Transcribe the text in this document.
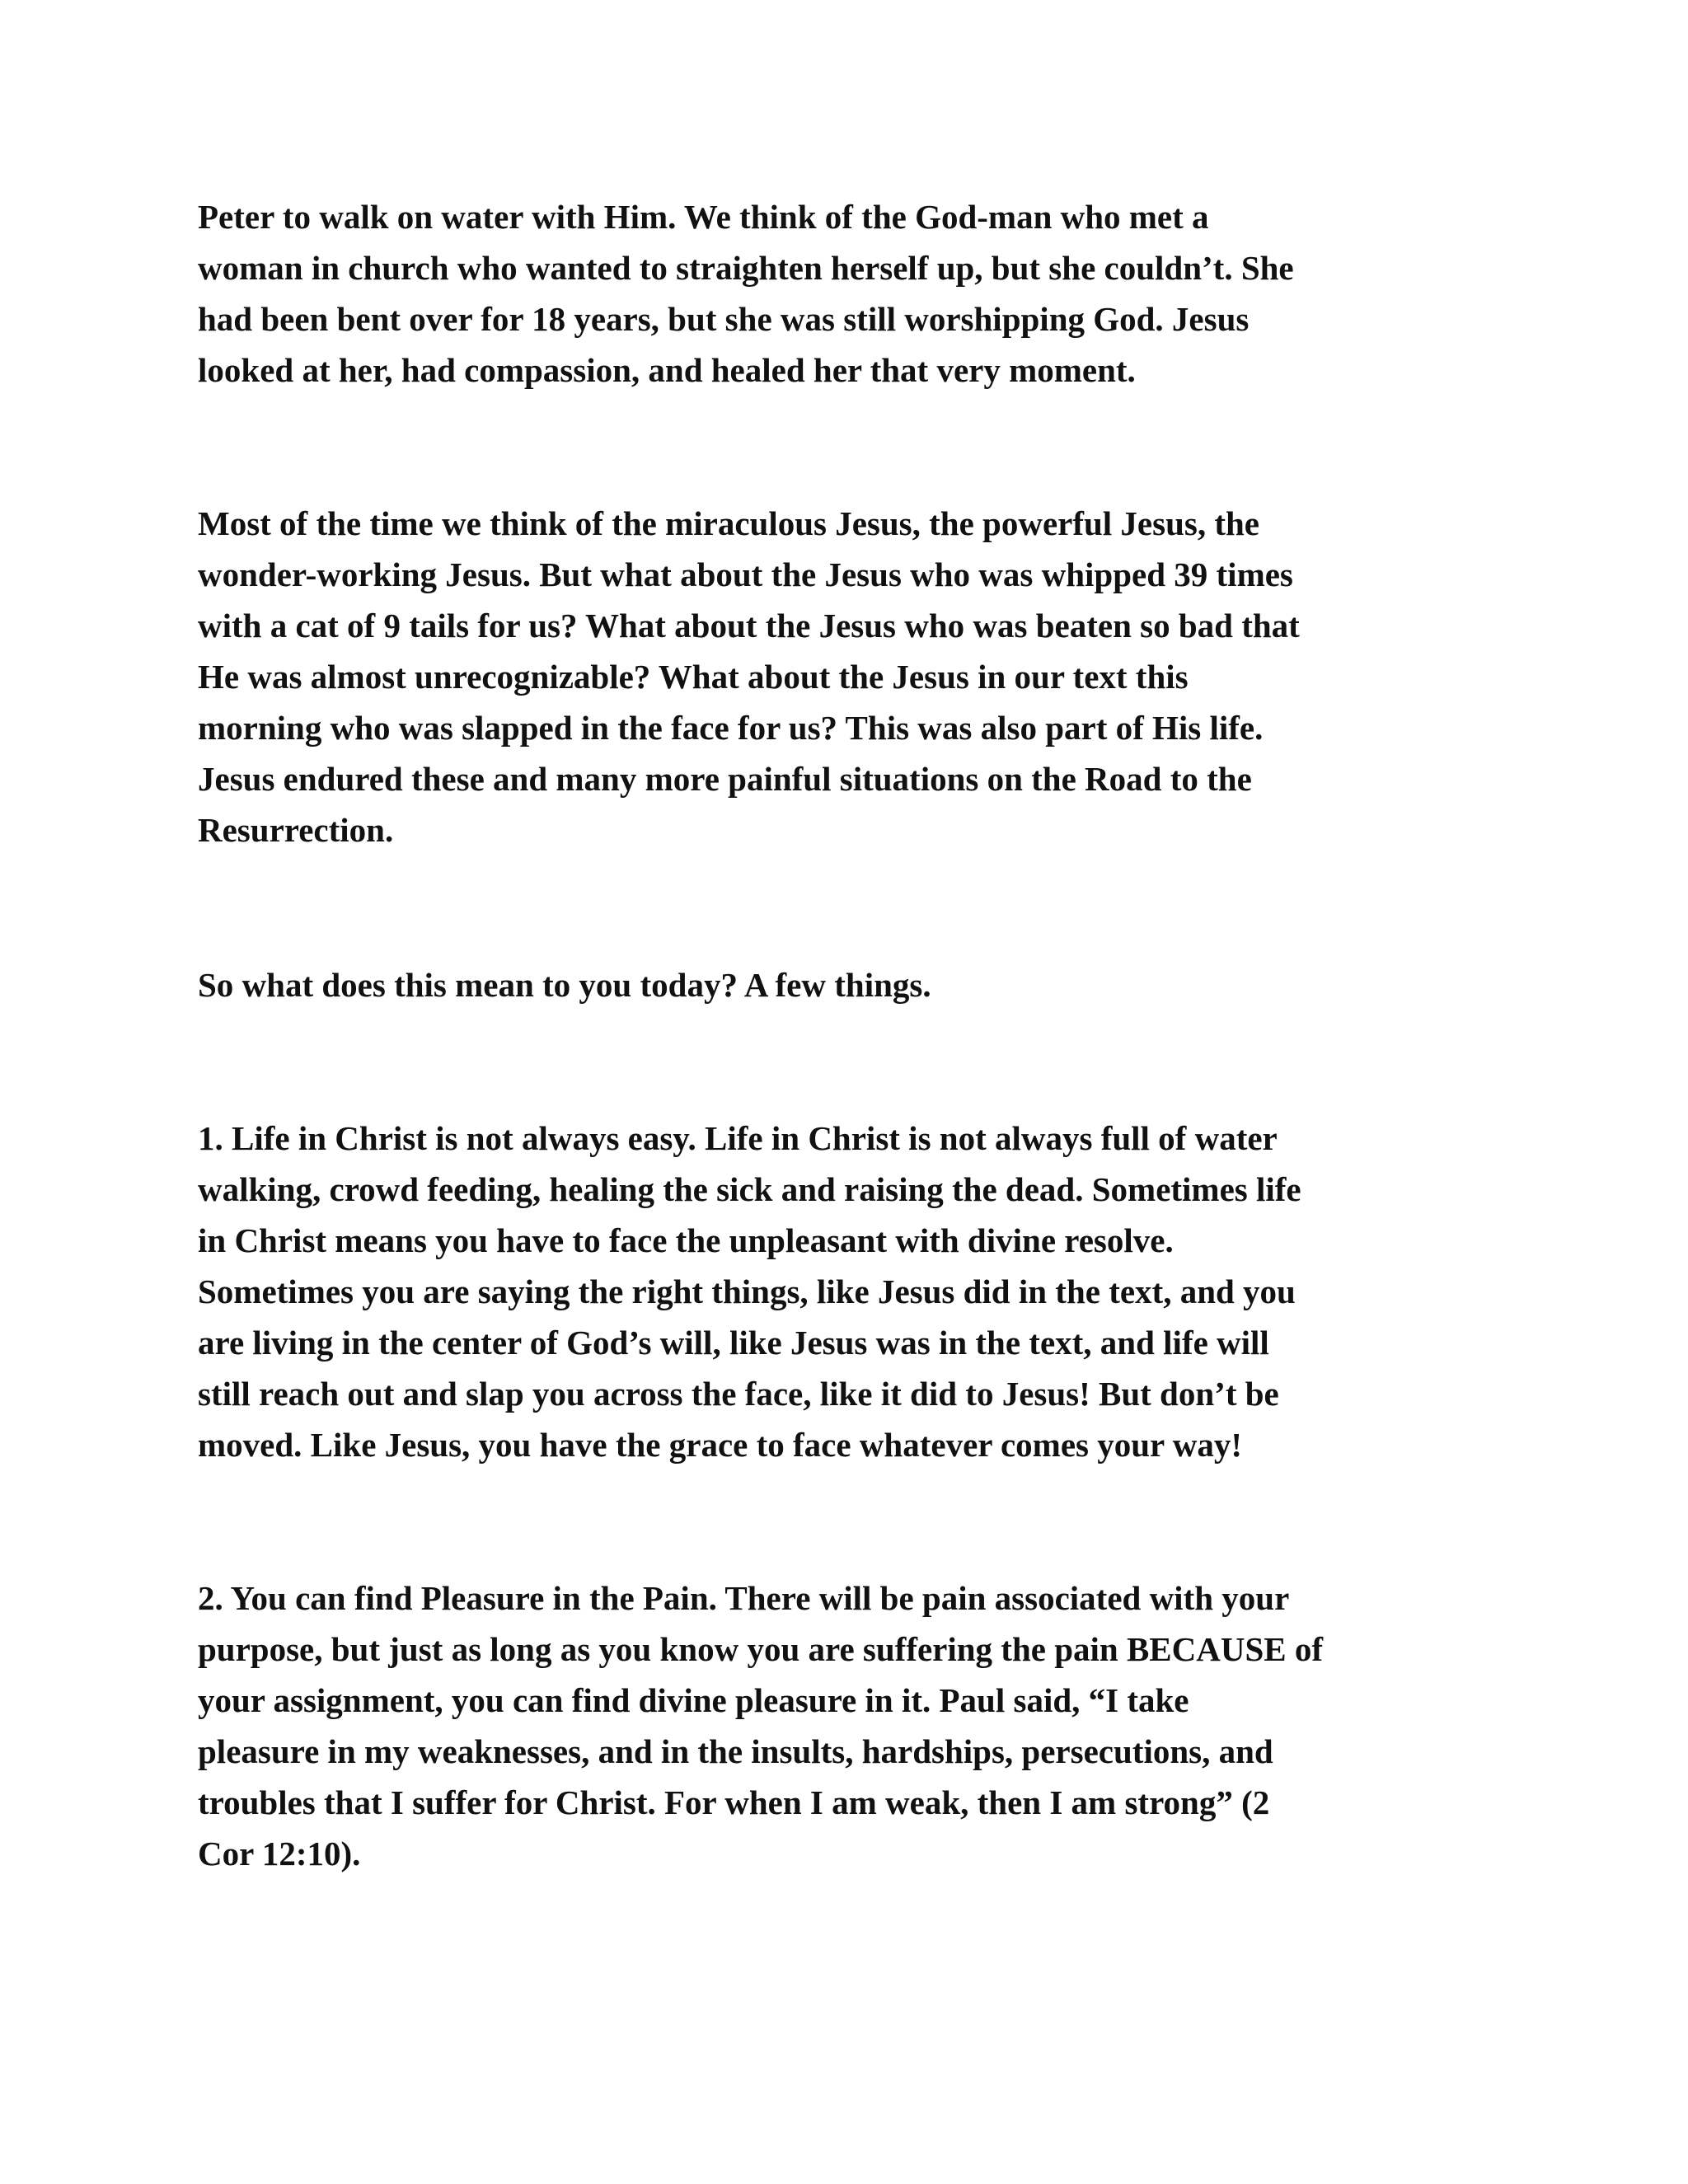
Peter to walk on water with Him. We think of the God-man who met a
woman in church who wanted to straighten herself up, but she couldn’t. She
had been bent over for 18 years, but she was still worshipping God. Jesus
looked at her, had compassion, and healed her that very moment.
Most of the time we think of the miraculous Jesus, the powerful Jesus, the
wonder-working Jesus. But what about the Jesus who was whipped 39 times
with a cat of 9 tails for us? What about the Jesus who was beaten so bad that
He was almost unrecognizable? What about the Jesus in our text this
morning who was slapped in the face for us? This was also part of His life.
Jesus endured these and many more painful situations on the Road to the
Resurrection.
So what does this mean to you today? A few things.
1. Life in Christ is not always easy. Life in Christ is not always full of water
walking, crowd feeding, healing the sick and raising the dead. Sometimes life
in Christ means you have to face the unpleasant with divine resolve.
Sometimes you are saying the right things, like Jesus did in the text, and you
are living in the center of God’s will, like Jesus was in the text, and life will
still reach out and slap you across the face, like it did to Jesus! But don’t be
moved. Like Jesus, you have the grace to face whatever comes your way!
2. You can find Pleasure in the Pain. There will be pain associated with your
purpose, but just as long as you know you are suffering the pain BECAUSE of
your assignment, you can find divine pleasure in it. Paul said, “I take
pleasure in my weaknesses, and in the insults, hardships, persecutions, and
troubles that I suffer for Christ. For when I am weak, then I am strong” (2
Cor 12:10).
